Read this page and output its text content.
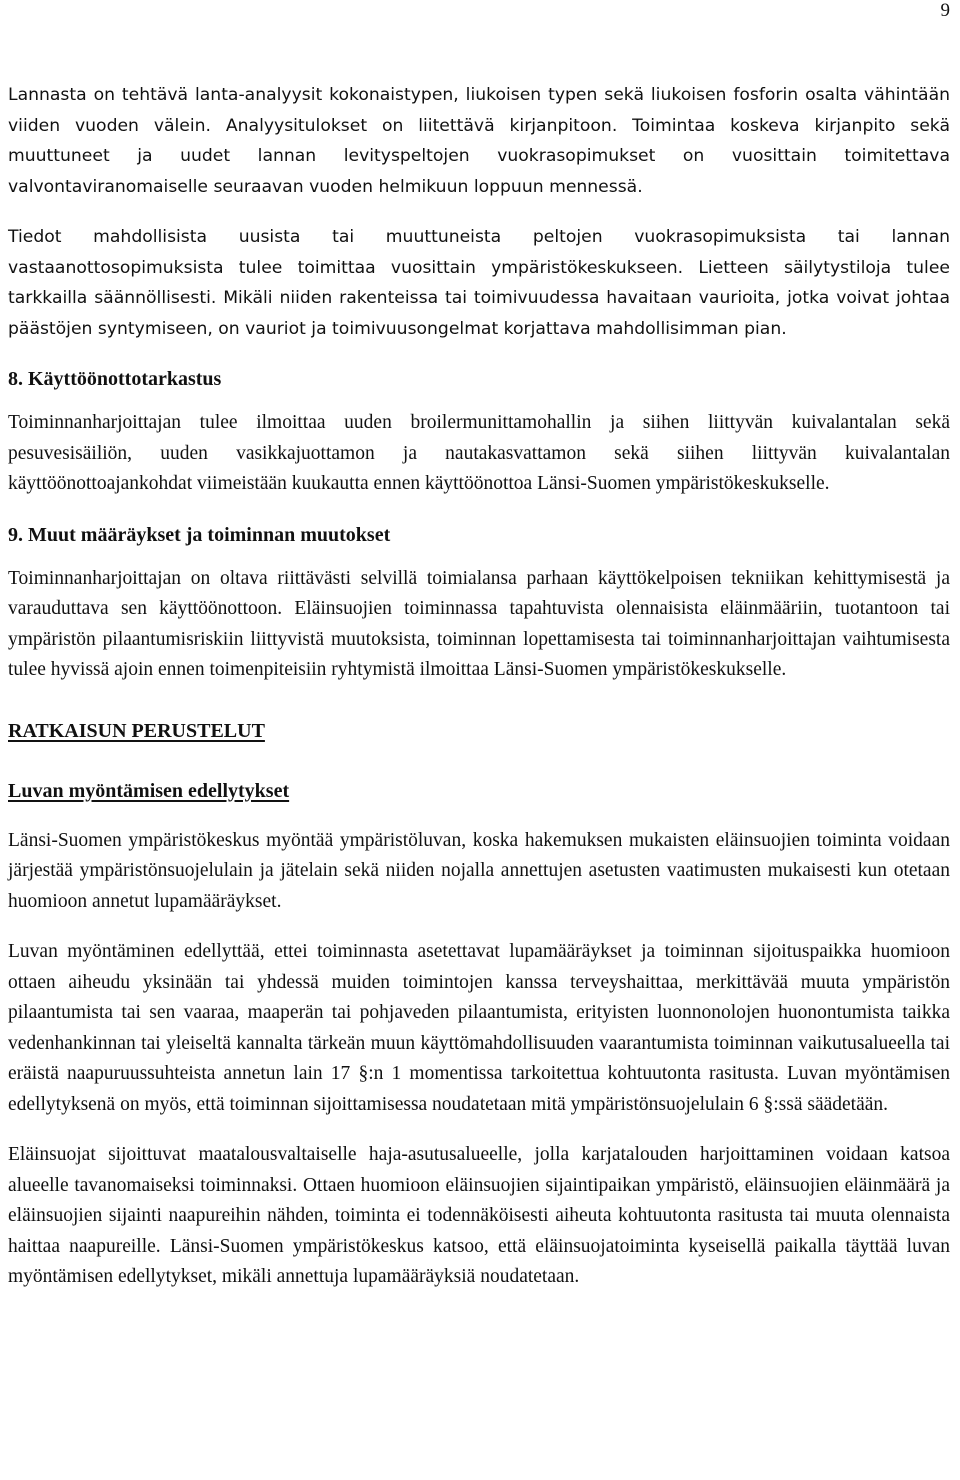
9

Lannasta on tehtävä lanta-analyysit kokonaistypen, liukoisen typen sekä liukoisen fosforin osalta vähintään viiden vuoden välein. Analyysitulokset on liitettävä kirjanpitoon. Toimintaa koskeva kirjanpito sekä muuttuneet ja uudet lannan levityspeltojen vuokrasopimukset on vuosittain toimitettava valvontaviranomaiselle seuraavan vuoden helmikuun loppuun mennessä.

Tiedot mahdollisista uusista tai muuttuneista peltojen vuokrasopimuksista tai lannan vastaanottosopimuksista tulee toimittaa vuosittain ympäristökeskukseen. Lietteen säilytystiloja tulee tarkkailla säännöllisesti. Mikäli niiden rakenteissa tai toimivuudessa havaitaan vaurioita, jotka voivat johtaa päästöjen syntymiseen, on vauriot ja toimivuusongelmat korjattava mahdollisimman pian.

8. Käyttöönottotarkastus

Toiminnanharjoittajan tulee ilmoittaa uuden broilermunittamohallin ja siihen liittyvän kuivalantalan sekä pesuvesisäiliön, uuden vasikkajuottamon ja nautakasvattamon sekä siihen liittyvän kuivalantalan käyttöönottoajankohdat viimeistään kuukautta ennen käyttöönottoa Länsi-Suomen ympäristökeskukselle.

9. Muut määräykset ja toiminnan muutokset

Toiminnanharjoittajan on oltava riittävästi selvillä toimialansa parhaan käyttökelpoisen tekniikan kehittymisestä ja varauduttava sen käyttöönottoon. Eläinsuojien toiminnassa tapahtuvista olennaisista eläinmääriin, tuotantoon tai ympäristön pilaantumisriskiin liittyvistä muutoksista, toiminnan lopettamisesta tai toiminnanharjoittajan vaihtumisesta tulee hyvissä ajoin ennen toimenpiteisiin ryhtymistä ilmoittaa Länsi-Suomen ympäristökeskukselle.

RATKAISUN PERUSTELUT
Luvan myöntämisen edellytykset

Länsi-Suomen ympäristökeskus myöntää ympäristöluvan, koska hakemuksen mukaisten eläinsuojien toiminta voidaan järjestää ympäristönsuojelulain ja jätelain sekä niiden nojalla annettujen asetusten vaatimusten mukaisesti kun otetaan huomioon annetut lupamääräykset.

Luvan myöntäminen edellyttää, ettei toiminnasta asetettavat lupamääräykset ja toiminnan sijoituspaikka huomioon ottaen aiheudu yksinään tai yhdessä muiden toimintojen kanssa terveyshaittaa, merkittävää muuta ympäristön pilaantumista tai sen vaaraa, maaperän tai pohjaveden pilaantumista, erityisten luonnonolojen huonontumista taikka vedenhankinnan tai yleiseltä kannalta tärkeän muun käyttömahdollisuuden vaarantumista toiminnan vaikutusalueella tai eräistä naapuruussuhteista annetun lain 17 §:n 1 momentissa tarkoitettua kohtuutonta rasitusta. Luvan myöntämisen edellytyksenä on myös, että toiminnan sijoittamisessa noudatetaan mitä ympäristönsuojelulain 6 §:ssä säädetään.

Eläinsuojat sijoittuvat maatalousvaltaiselle haja-asutusalueelle, jolla karjatalouden harjoittaminen voidaan katsoa alueelle tavanomaiseksi toiminnaksi. Ottaen huomioon eläinsuojien sijaintipaikan ympäristö, eläinsuojien eläinmäärä ja eläinsuojien sijainti naapureihin nähden, toiminta ei todennäköisesti aiheuta kohtuutonta rasitusta tai muuta olennaista haittaa naapureille. Länsi-Suomen ympäristökeskus katsoo, että eläinsuojatoiminta kyseisellä paikalla täyttää luvan myöntämisen edellytykset, mikäli annettuja lupamääräyksiä noudatetaan.
